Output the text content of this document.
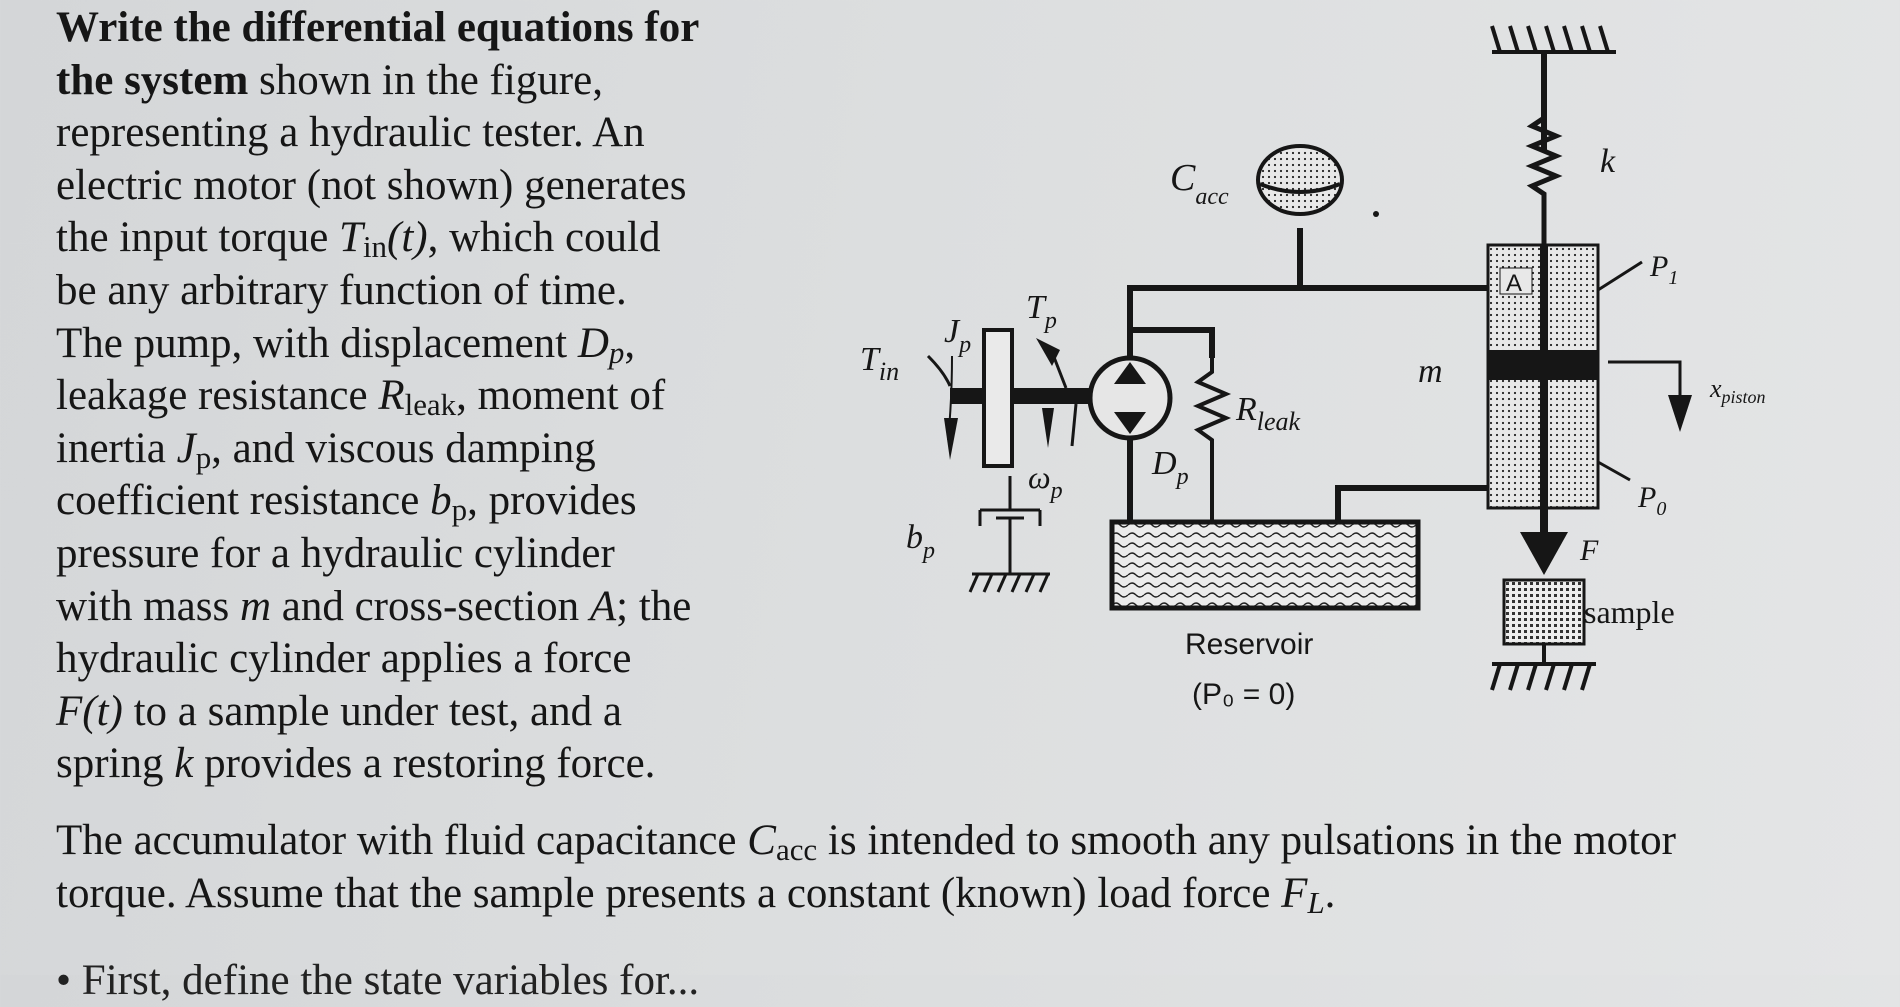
Write the differential equations for
the system shown in the figure,
representing a hydraulic tester. An
electric motor (not shown) generates
the input torque $T_{in}(t)$, which could
be any arbitrary function of time.
The pump, with displacement $D_p$,
leakage resistance $R_{leak}$, moment of
inertia $J_p$, and viscous damping
coefficient resistance $b_p$, provides
pressure for a hydraulic cylinder
with mass m and cross-section A; the
hydraulic cylinder applies a force
F(t) to a sample under test, and a
spring k provides a restoring force.
The accumulator with fluid capacitance $C_{acc}$ is intended to smooth any pulsations in the motor
torque. Assume that the sample presents a constant (known) load force $F_L$.
• First, define the state variables for...
k
A
$P_1$
$P_0$
m	$x_{piston}$
F
sample
$C_{acc}$
$R_{leak}$
$D_p$
Reservoir
(P₀ = 0)
$J_p$
$T_{in}$
$T_p$
$\omega_p$
$b_p$
